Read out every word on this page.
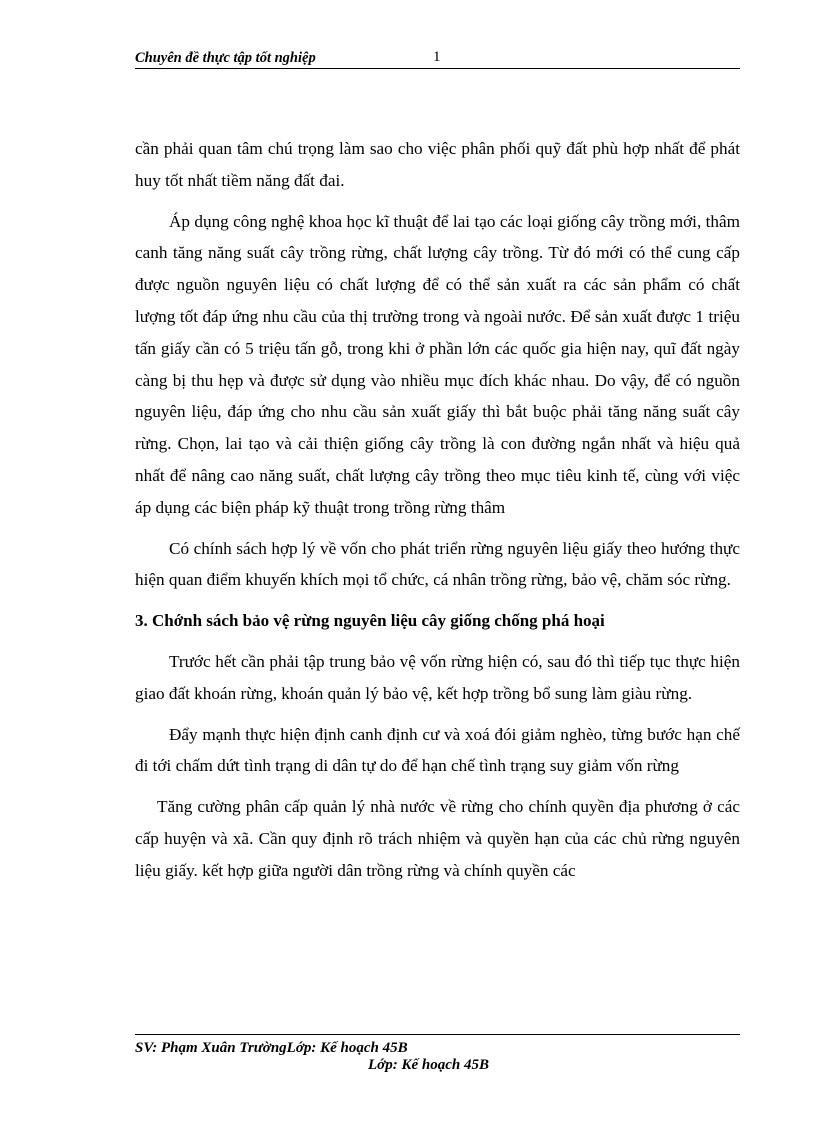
Chuyên đề thực tập tốt nghiệp	1

cần phải quan tâm chú trọng làm sao cho việc phân phối quỹ đất phù hợp nhất để phát huy tốt nhất tiềm năng đất đai.

Áp dụng công nghệ khoa học kĩ thuật để lai tạo các loại giống cây trồng mới, thâm canh tăng năng suất cây trồng rừng, chất lượng cây trồng. Từ đó mới có thể cung cấp được nguồn nguyên liệu có chất lượng để có thể sản xuất ra các sản phẩm có chất lượng tốt đáp ứng nhu cầu của thị trường trong và ngoài nước. Để sản xuất được 1 triệu tấn giấy cần có 5 triệu tấn gỗ, trong khi ở phần lớn các quốc gia hiện nay, quĩ đất ngày càng bị thu hẹp và được sử dụng vào nhiều mục đích khác nhau. Do vậy, để có nguồn nguyên liệu, đáp ứng cho nhu cầu sản xuất giấy thì bắt buộc phải tăng năng suất cây rừng. Chọn, lai tạo và cải thiện giống cây trồng là con đường ngắn nhất và hiệu quả nhất để nâng cao năng suất, chất lượng cây trồng theo mục tiêu kinh tế, cùng với việc áp dụng các biện pháp kỹ thuật trong trồng rừng thâm

Có chính sách hợp lý về vốn cho phát triển rừng nguyên liệu giấy theo hướng thực hiện quan điểm khuyến khích mọi tổ chức, cá nhân trồng rừng, bảo vệ, chăm sóc rừng.

3. Chớnh sách bảo vệ rừng nguyên liệu cây giống chống phá hoại

Trước hết cần phải tập trung bảo vệ vốn rừng hiện có, sau đó thì tiếp tục thực hiện giao đất khoán rừng, khoán quản lý bảo vệ, kết hợp trồng bổ sung làm giàu rừng.

Đẩy mạnh thực hiện định canh định cư và xoá đói giảm nghèo, từng bước hạn chế đi tới chấm dứt tình trạng di dân tự do để hạn chế tình trạng suy giảm vốn rừng

Tăng cường phân cấp quản lý nhà nước về rừng cho chính quyền địa phương ở các cấp huyện và xã. Cần quy định rõ trách nhiệm và quyền hạn của các chủ rừng nguyên liệu giấy. kết hợp giữa người dân trồng rừng và chính quyền các

SV: Phạm Xuân TrườngLớp: Kế hoạch 45B
Lớp: Kế hoạch 45B
